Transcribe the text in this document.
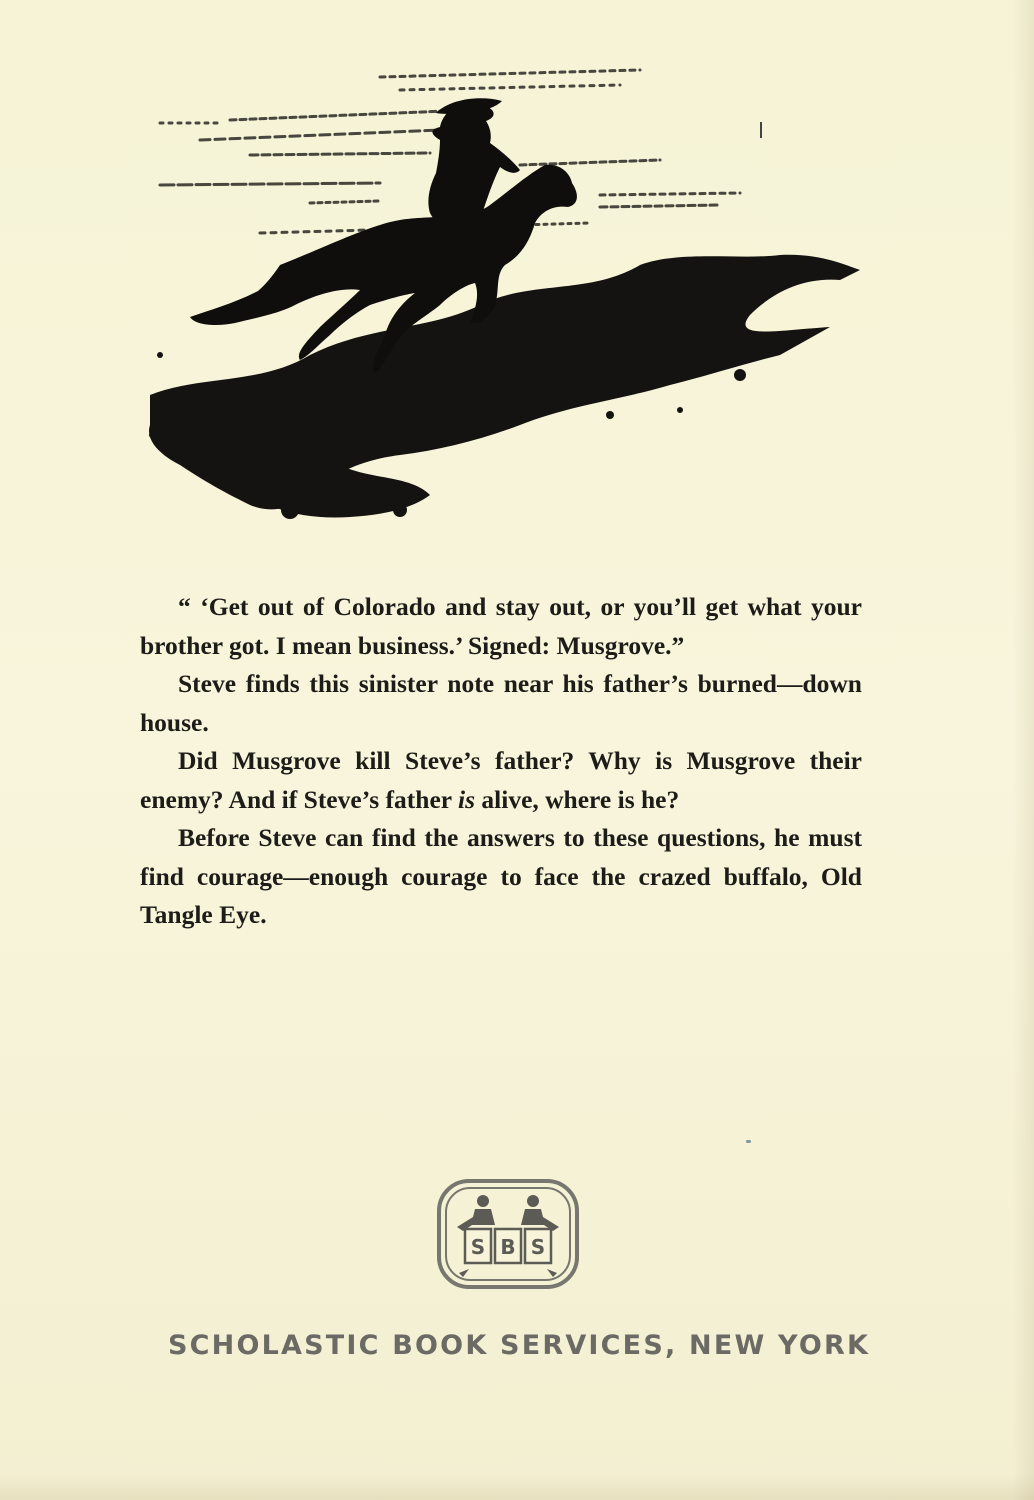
“ ‘Get out of Colorado and stay out, or you’ll get what your brother got. I mean business.’ Signed: Musgrove.”

Steve finds this sinister note near his father’s burned—down house.

Did Musgrove kill Steve’s father? Why is Musgrove their enemy? And if Steve’s father is alive, where is he?

Before Steve can find the answers to these questions, he must find courage—enough courage to face the crazed buffalo, Old Tangle Eye.

S B S
SCHOLASTIC BOOK SERVICES, NEW YORK
